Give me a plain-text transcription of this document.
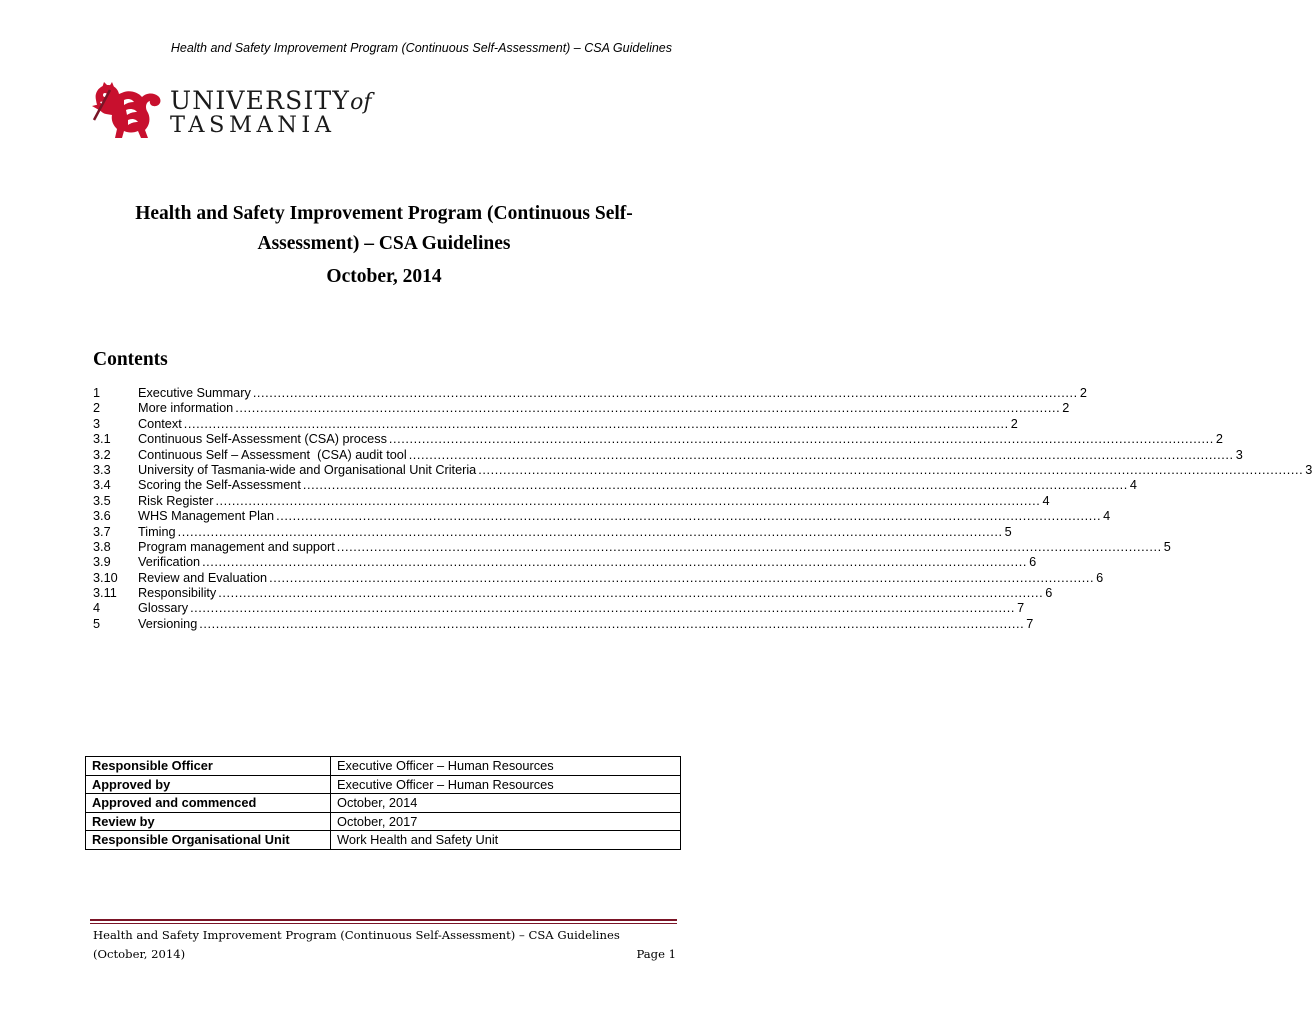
Health and Safety Improvement Program (Continuous Self-Assessment) – CSA Guidelines
UNIVERSITYof
TASMANIA
Health and Safety Improvement Program (Continuous Self-
Assessment) – CSA Guidelines
October, 2014
Contents
1	Executive Summary ........................................................................................................................................................................................................ 2
2	More information ........................................................................................................................................................................................................ 2
3	Context ........................................................................................................................................................................................................ 2
3.1	Continuous Self-Assessment (CSA) process ........................................................................................................................................................................................................ 2
3.2	Continuous Self – Assessment  (CSA) audit tool ........................................................................................................................................................................................................ 3
3.3	University of Tasmania-wide and Organisational Unit Criteria ........................................................................................................................................................................................................ 3
3.4	Scoring the Self-Assessment ........................................................................................................................................................................................................ 4
3.5	Risk Register ........................................................................................................................................................................................................ 4
3.6	WHS Management Plan ........................................................................................................................................................................................................ 4
3.7	Timing ........................................................................................................................................................................................................ 5
3.8	Program management and support ........................................................................................................................................................................................................ 5
3.9	Verification ........................................................................................................................................................................................................ 6
3.10	Review and Evaluation ........................................................................................................................................................................................................ 6
3.11	Responsibility ........................................................................................................................................................................................................ 6
4	Glossary ........................................................................................................................................................................................................ 7
5	Versioning ........................................................................................................................................................................................................ 7
Responsible Officer	Executive Officer – Human Resources
Approved by	Executive Officer – Human Resources
Approved and commenced	October, 2014
Review by	October, 2017
Responsible Organisational Unit	Work Health and Safety Unit
Health and Safety Improvement Program (Continuous Self-Assessment) – CSA Guidelines
(October, 2014)	Page 1
